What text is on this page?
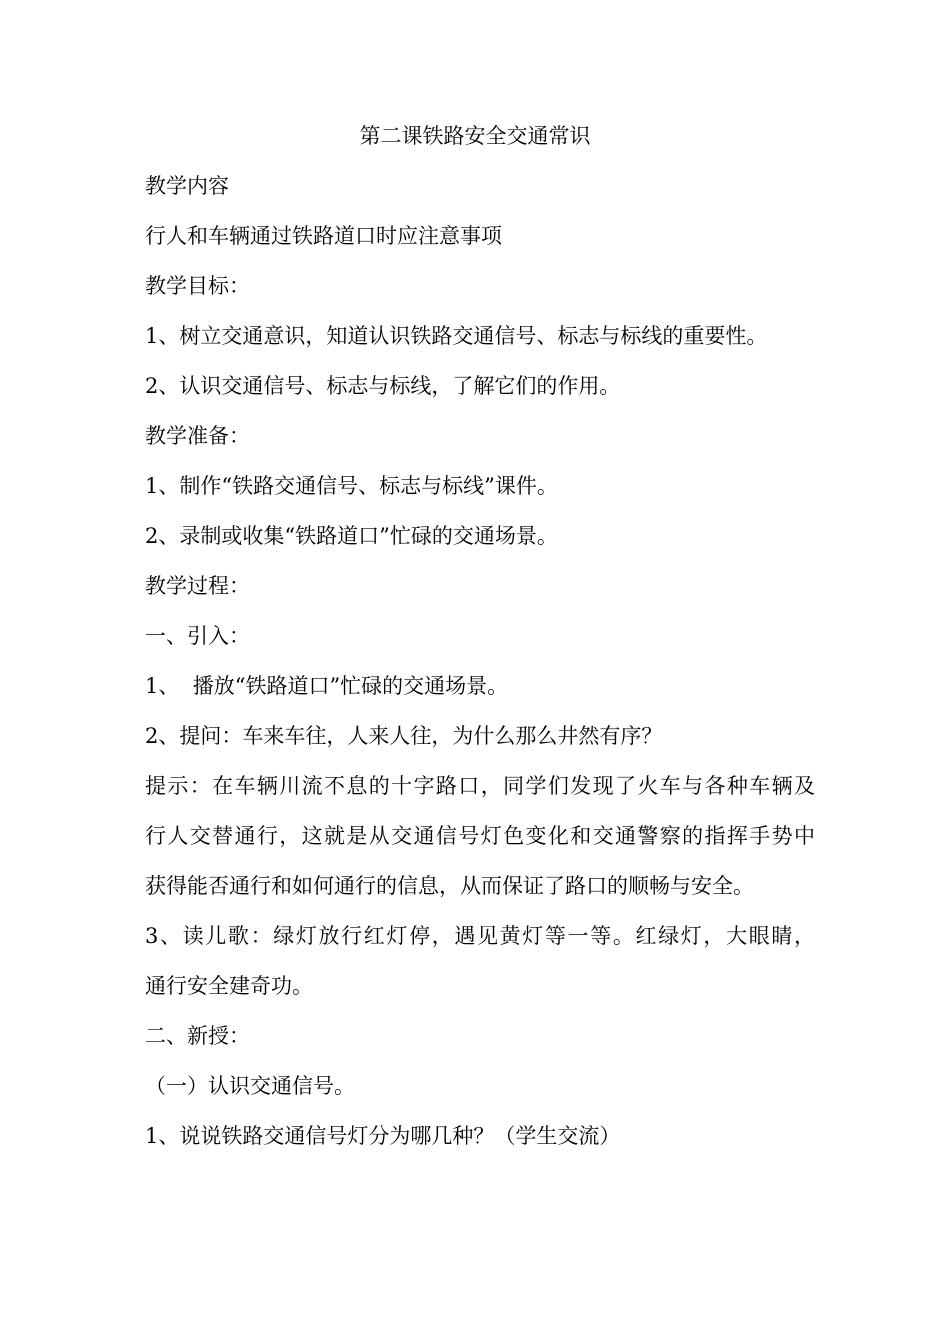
第二课铁路安全交通常识
教学内容
行人和车辆通过铁路道口时应注意事项
教学目标：
1、树立交通意识，知道认识铁路交通信号、标志与标线的重要性。
2、认识交通信号、标志与标线，了解它们的作用。
教学准备：
1、制作“铁路交通信号、标志与标线”课件。
2、录制或收集“铁路道口”忙碌的交通场景。
教学过程：
一、引入：
1、  播放“铁路道口”忙碌的交通场景。
2、提问：车来车往，人来人往，为什么那么井然有序？
提示：在车辆川流不息的十字路口，同学们发现了火车与各种车辆及
行人交替通行，这就是从交通信号灯色变化和交通警察的指挥手势中
获得能否通行和如何通行的信息，从而保证了路口的顺畅与安全。
3、读儿歌：绿灯放行红灯停，遇见黄灯等一等。红绿灯，大眼睛，
通行安全建奇功。
二、新授：
（一）认识交通信号。
1、说说铁路交通信号灯分为哪几种？（学生交流）
